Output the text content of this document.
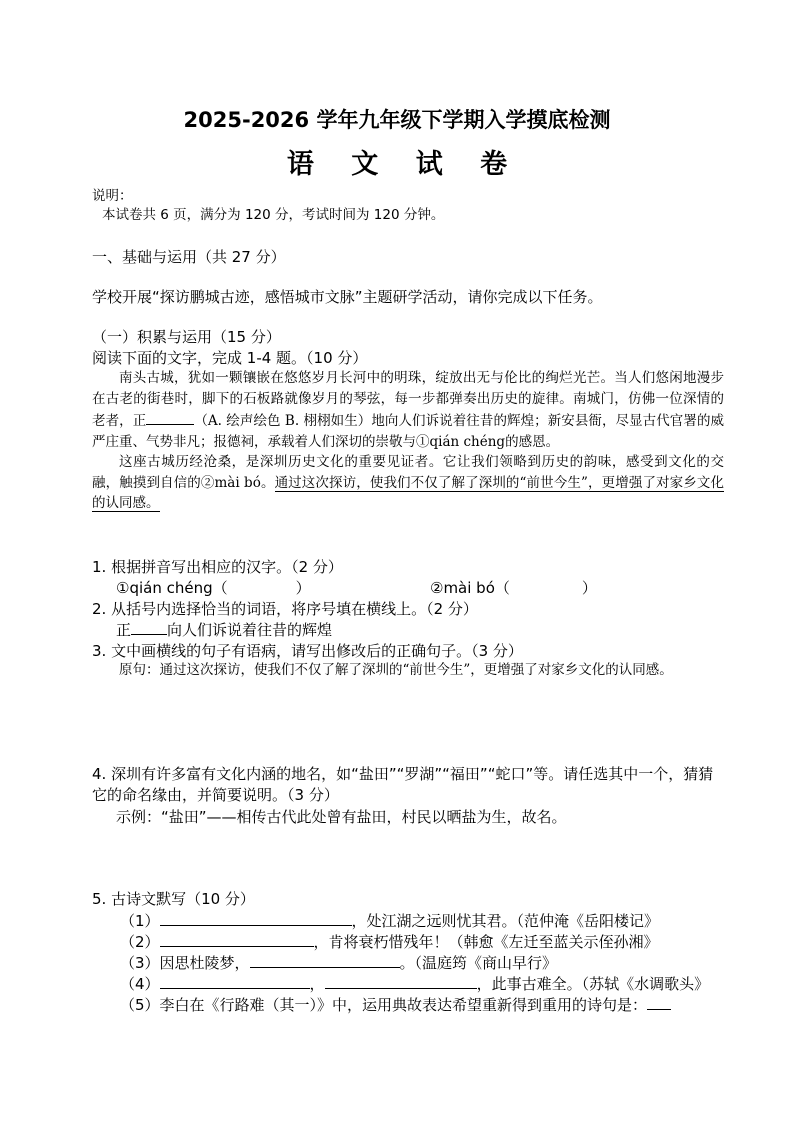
2025-2026 学年九年级下学期入学摸底检测
语 文 试 卷
说明：
本试卷共 6 页，满分为 120 分，考试时间为 120 分钟。
一、基础与运用（共 27 分）
学校开展“探访鹏城古迹，感悟城市文脉”主题研学活动，请你完成以下任务。
（一）积累与运用（15 分）
阅读下面的文字，完成 1-4 题。（10 分）

南头古城，犹如一颗镶嵌在悠悠岁月长河中的明珠，绽放出无与伦比的绚烂光芒。当人们悠闲地漫步在古老的街巷时，脚下的石板路就像岁月的琴弦，每一步都弹奏出历史的旋律。南城门，仿佛一位深情的老者，正	（A. 绘声绘色 B. 栩栩如生）地向人们诉说着往昔的辉煌；新安县衙，尽显古代官署的威严庄重、气势非凡；报德祠，承载着人们深切的崇敬与①qián chéng的感恩。

这座古城历经沧桑，是深圳历史文化的重要见证者。它让我们领略到历史的韵味，感受到文化的交融，触摸到自信的②mài bó。通过这次探访，使我们不仅了解了深圳的“前世今生”，更增强了对家乡文化的认同感。

1. 根据拼音写出相应的汉字。（2 分）
①qián chéng（	）	②mài bó（	）
2. 从括号内选择恰当的词语，将序号填在横线上。（2 分）
正 向人们诉说着往昔的辉煌
3. 文中画横线的句子有语病，请写出修改后的正确句子。（3 分）

原句：通过这次探访，使我们不仅了解了深圳的“前世今生”，更增强了对家乡文化的认同感。

4. 深圳有许多富有文化内涵的地名，如“盐田”“罗湖”“福田”“蛇口”等。请任选其中一个，猜猜它的命名缘由，并简要说明。（3 分）
示例：“盐田”——相传古代此处曾有盐田，村民以晒盐为生，故名。
5. 古诗文默写（10 分）
（1）	，处江湖之远则忧其君。（范仲淹《岳阳楼记》
（2）	，肯将衰朽惜残年！（韩愈《左迁至蓝关示侄孙湘》
（3）因思杜陵梦，	。（温庭筠《商山早行》
（4）	，	，此事古难全。（苏轼《水调歌头》
（5）李白在《行路难（其一）》中，运用典故表达希望重新得到重用的诗句是：
